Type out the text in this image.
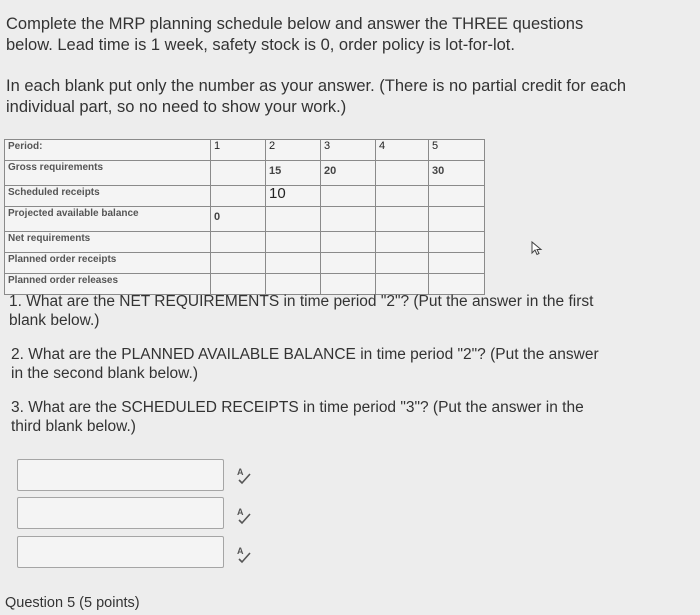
Complete the MRP planning schedule below and answer the THREE questions below. Lead time is 1 week, safety stock is 0, order policy is lot-for-lot.
In each blank put only the number as your answer. (There is no partial credit for each individual part, so no need to show your work.)
Period:	1	2	3	4	5
Gross requirements		15	20		30
Scheduled receipts		10			
Projected available balance	0				
Net requirements					
Planned order receipts					
Planned order releases					
1. What are the NET REQUIREMENTS in time period "2"? (Put the answer in the first blank below.)
2. What are the PLANNED AVAILABLE BALANCE in time period "2"? (Put the answer in the second blank below.)
3. What are the SCHEDULED RECEIPTS in time period "3"? (Put the answer in the third blank below.)
A
A
A
Question 5 (5 points)
